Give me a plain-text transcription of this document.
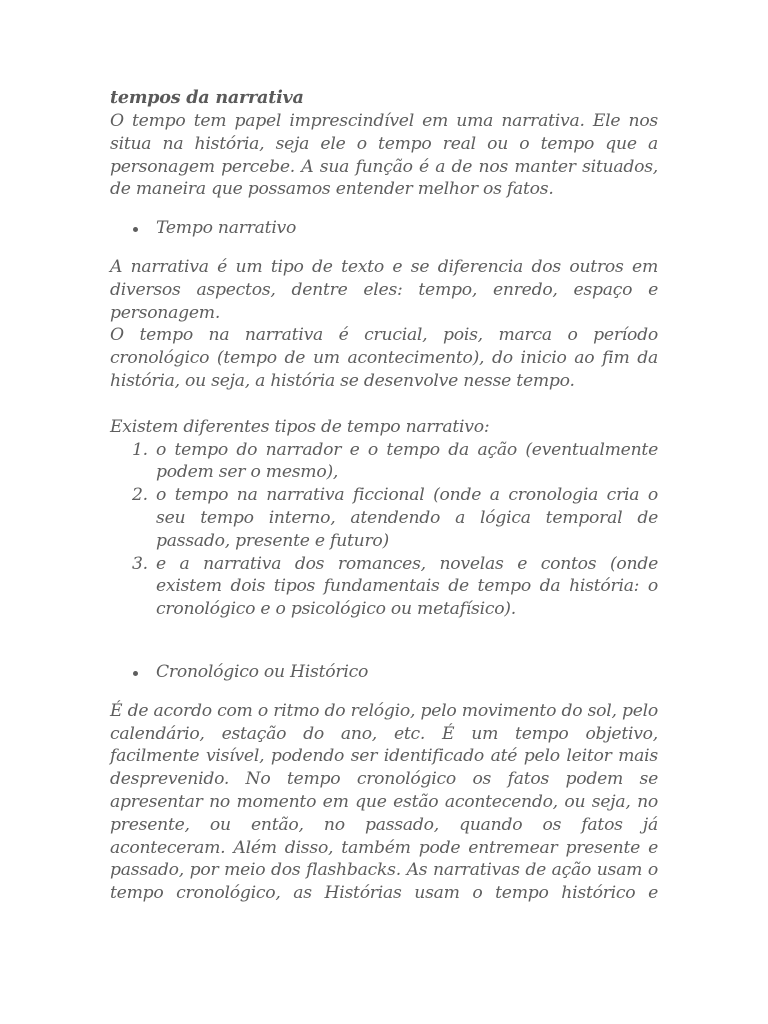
tempos da narrativa

O tempo tem papel imprescindível em uma narrativa. Ele nos situa na história, seja ele o tempo real ou o tempo que a personagem percebe. A sua função é a de nos manter situados, de maneira que possamos entender melhor os fatos.

Tempo narrativo

A narrativa é um tipo de texto e se diferencia dos outros em diversos aspectos, dentre eles: tempo, enredo, espaço e personagem.

O tempo na narrativa é crucial, pois, marca o período cronológico (tempo de um acontecimento), do inicio ao fim da história, ou seja, a história se desenvolve nesse tempo.

Existem diferentes tipos de tempo narrativo:

1. o tempo do narrador e o tempo da ação (eventualmente podem ser o mesmo),
2. o tempo na narrativa ficcional (onde a cronologia cria o seu tempo interno, atendendo a lógica temporal de passado, presente e futuro)
3. e a narrativa dos romances, novelas e contos (onde existem dois tipos fundamentais de tempo da história: o cronológico e o psicológico ou metafísico).
Cronológico ou Histórico

É de acordo com o ritmo do relógio, pelo movimento do sol, pelo calendário, estação do ano, etc. É um tempo objetivo, facilmente visível, podendo ser identificado até pelo leitor mais desprevenido. No tempo cronológico os fatos podem se apresentar no momento em que estão acontecendo, ou seja, no presente, ou então, no passado, quando os fatos já aconteceram. Além disso, também pode entremear presente e passado, por meio dos flashbacks. As narrativas de ação usam o tempo cronológico, as Histórias usam o tempo histórico e
